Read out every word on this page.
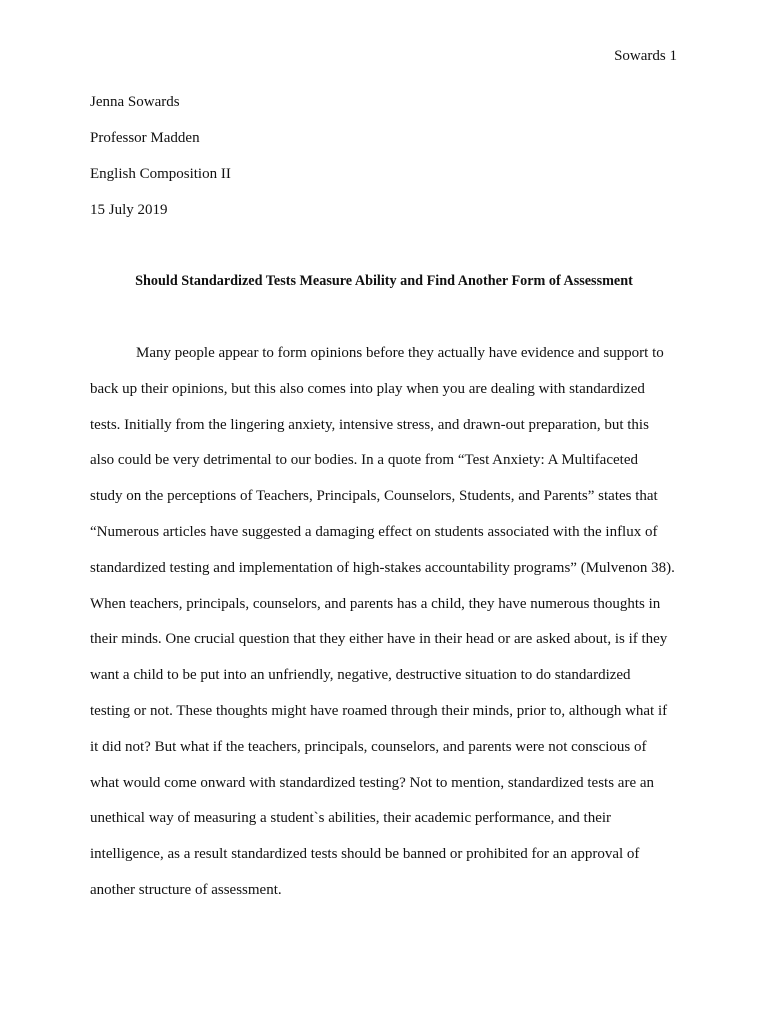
Sowards 1
Jenna Sowards
Professor Madden
English Composition II
15 July 2019
Should Standardized Tests Measure Ability and Find Another Form of Assessment
Many people appear to form opinions before they actually have evidence and support to
back up their opinions, but this also comes into play when you are dealing with standardized
tests. Initially from the lingering anxiety, intensive stress, and drawn-out preparation, but this
also could be very detrimental to our bodies. In a quote from “Test Anxiety: A Multifaceted
study on the perceptions of Teachers, Principals, Counselors, Students, and Parents” states that
“Numerous articles have suggested a damaging effect on students associated with the influx of
standardized testing and implementation of high-stakes accountability programs” (Mulvenon 38).
When teachers, principals, counselors, and parents has a child, they have numerous thoughts in
their minds. One crucial question that they either have in their head or are asked about, is if they
want a child to be put into an unfriendly, negative, destructive situation to do standardized
testing or not. These thoughts might have roamed through their minds, prior to, although what if
it did not? But what if the teachers, principals, counselors, and parents were not conscious of
what would come onward with standardized testing? Not to mention, standardized tests are an
unethical way of measuring a student`s abilities, their academic performance, and their
intelligence, as a result standardized tests should be banned or prohibited for an approval of
another structure of assessment.
